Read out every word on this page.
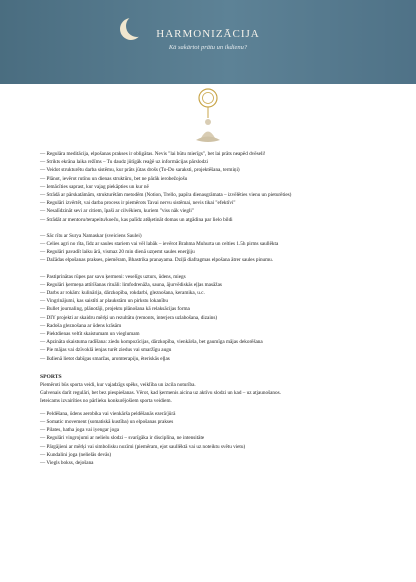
HARMONIZĀCIJA
Kā sakārtot prātu un ikdienu?
— Regulāra meditācija, elpošanas prakses ir obligātas. Nevis "lai būtu mierīgs", bet lai prāts neapēd dvēseli!
— Strikts ekrāna laika režīms – Tu daudz jūtīgāk reaģē uz informācijas pārslodzi
— Veidot strukturētu darba sistēmu, kur prāts jūtas drošs (To-Do saraksti, projektēšana, termiņi)
— Plānot, ievērot rutīnu un dienas struktūru, bet ne pārāk ierobežojošu
— Iemācīties saprast, kur vajag piekāpties un kur nē
— Strādā ar pārskatāmām, strukturētām metodēm (Notion, Trello, papīra dienasgrāmata – izvēlēties vienu un pieturēties)
— Regulāri izvērtēt, vai darba process ir piemērots Tavai nervu sistēmai, nevis tikai "efektīvi"
— Nesalīdzināt sevi ar citiem, īpaši ar cilvēkiem, kuriem "viss nāk viegli"
— Strādāt ar mentoru/terapeitu/koeču, kas palīdz atšķetināt domas un atgādina par lielo bildi
— Sāc rītu ar Surya Namaskar (sveiciens Saulei)
— Celies agri no rīta, līdz ar saules stariem vai vēl labāk – ievērot Brahma Muhurta un celties 1.5h pirms saullēkta
— Regulāri pavadīt laiku ārā, vismaz 20 min dienā uzņemt saules enerģiju
— Dažādas elpošanas prakses, piemēram, Bhastrika pranayama. Dziļā diafragmas elpošana ātrer saules pinumu.
— Pastiprinātas rūpes par savu ķermeni: veselīgs uzturs, ūdens, miegs
— Regulāri ķermeņa attīrīšanas rituāli: limfodrenāža, sauna, ājurvēdiskās eļļas masāžas
— Darbs ar rokām: kulinārija, dārzkopība, rokdarbi, gleznošana, keramika, u.c.
— Vingrinājumi, kas saistīti ar plaukstām un pirkstu lokanību
— Bullet journaling, plānotāji, projektu plānošana kā relaksācijas forma
— DIY projekti ar skaidru mērķi un rezultātu (remonts, interjera uzlabošana, dizains)
— Radoša gleznošana ar ūdens krāsām
— Piektdienas veltīt skaistumam un vieglumam
— Apzināta skaistuma radīšana: ziedu kompozīcijas, dārzkopība, vienkārša, bet gaumīga mājas dekorēšana
— Pie mājas vai dzīvoklā ienjas turēt ziedus vai smaržīgu augu
— Ikdienā lietot dabīgas smaržas, aromterapiju, ēteriskās eļļas
SPORTS
Piemēroti būs sporta veidi, kur vajadzīgs spēks, veiklība un izcila noturība.
Galvenais darīt regulāri, bet bez piespiešanas. Vērot, kad ķermenis aicina uz aktīvu slodzi un kad – uz atjaunošanos.
Ieteicams izvairīties no pārlieku konkurējošiem sporta veidiem.
— Peldēšana, ūdens aerobika vai vienkārša peldēšanās ezerā/jūrā
— Somatic movement (somatiskā kustība) un elpošanas prakses
— Pilates, hatha joga vai iyengar joga
— Regulāri vingrojumi ar nelielu slodzi – svarīgāka ir disciplīna, ne intensitāte
— Pārgājieni ar mērķi vai simbolisku nozīmi (piemēram, ejot saullēktā vai uz noteiktu svētu vietu)
— Kundalini joga (nelielās devās)
— Viegls bokss, dejošana
